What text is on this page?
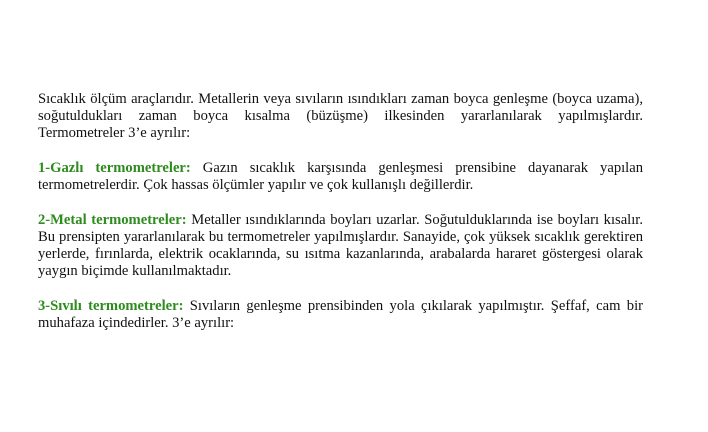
Sıcaklık ölçüm araçlarıdır. Metallerin veya sıvıların ısındıkları zaman boyca genleşme (boyca uzama), soğutuldukları zaman boyca kısalma (büzüşme) ilkesinden yararlanılarak yapılmışlardır. Termometreler 3’e ayrılır:

1-Gazlı termometreler: Gazın sıcaklık karşısında genleşmesi prensibine dayanarak yapılan termometrelerdir. Çok hassas ölçümler yapılır ve çok kullanışlı değillerdir.

2-Metal termometreler: Metaller ısındıklarında boyları uzarlar. Soğutulduklarında ise boyları kısalır. Bu prensipten yararlanılarak bu termometreler yapılmışlardır. Sanayide, çok yüksek sıcaklık gerektiren yerlerde, fırınlarda, elektrik ocaklarında, su ısıtma kazanlarında, arabalarda hararet göstergesi olarak yaygın biçimde kullanılmaktadır.

3-Sıvılı termometreler: Sıvıların genleşme prensibinden yola çıkılarak yapılmıştır. Şeffaf, cam bir muhafaza içindedirler. 3’e ayrılır:
